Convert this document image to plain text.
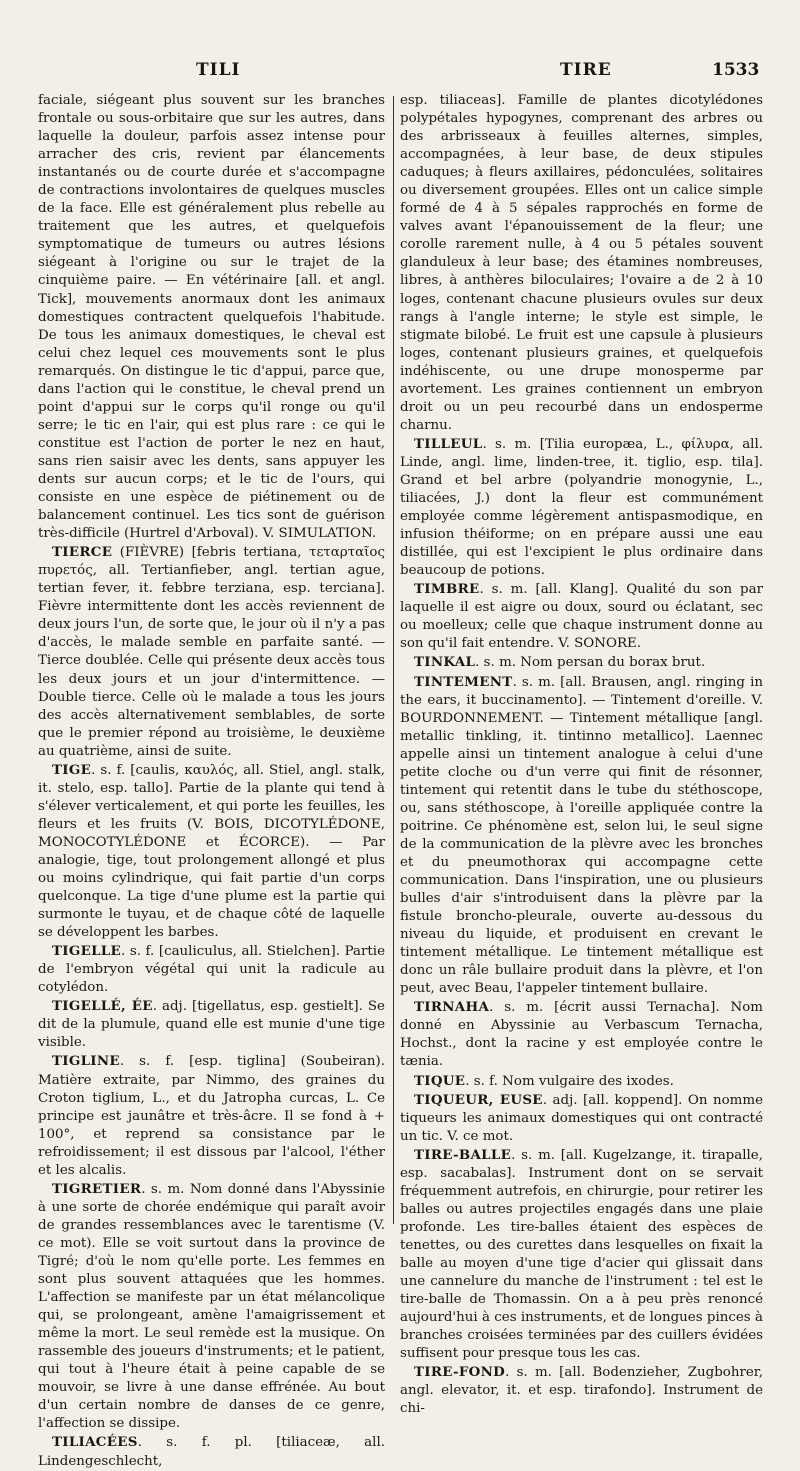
TILI	TIRE	1533

faciale, siégeant plus souvent sur les branches frontale ou sous-orbitaire que sur les autres, dans laquelle la douleur, parfois assez intense pour arracher des cris, revient par élancements instantanés ou de courte durée et s'accompagne de contractions involontaires de quelques muscles de la face. Elle est généralement plus rebelle au traitement que les autres, et quelquefois symptomatique de tumeurs ou autres lésions siégeant à l'origine ou sur le trajet de la cinquième paire. — En vétérinaire [all. et angl. Tick], mouvements anormaux dont les animaux domestiques contractent quelquefois l'habitude. De tous les animaux domestiques, le cheval est celui chez lequel ces mouvements sont le plus remarqués. On distingue le tic d'appui, parce que, dans l'action qui le constitue, le cheval prend un point d'appui sur le corps qu'il ronge ou qu'il serre; le tic en l'air, qui est plus rare : ce qui le constitue est l'action de porter le nez en haut, sans rien saisir avec les dents, sans appuyer les dents sur aucun corps; et le tic de l'ours, qui consiste en une espèce de piétinement ou de balancement continuel. Les tics sont de guérison très-difficile (Hurtrel d'Arboval). V. SIMULATION.

TIERCE (FIÈVRE) [febris tertiana, τεταρταῖος πυρετός, all. Tertianfieber, angl. tertian ague, tertian fever, it. febbre terziana, esp. terciana]. Fièvre intermittente dont les accès reviennent de deux jours l'un, de sorte que, le jour où il n'y a pas d'accès, le malade semble en parfaite santé. — Tierce doublée. Celle qui présente deux accès tous les deux jours et un jour d'intermittence. — Double tierce. Celle où le malade a tous les jours des accès alternativement semblables, de sorte que le premier répond au troisième, le deuxième au quatrième, ainsi de suite.

TIGE. s. f. [caulis, καυλός, all. Stiel, angl. stalk, it. stelo, esp. tallo]. Partie de la plante qui tend à s'élever verticalement, et qui porte les feuilles, les fleurs et les fruits (V. BOIS, DICOTYLÉDONE, MONOCOTYLÉDONE et ÉCORCE). — Par analogie, tige, tout prolongement allongé et plus ou moins cylindrique, qui fait partie d'un corps quelconque. La tige d'une plume est la partie qui surmonte le tuyau, et de chaque côté de laquelle se développent les barbes.

TIGELLE. s. f. [cauliculus, all. Stielchen]. Partie de l'embryon végétal qui unit la radicule au cotylédon.

TIGELLÉ, ÉE. adj. [tigellatus, esp. gestielt]. Se dit de la plumule, quand elle est munie d'une tige visible.

TIGLINE. s. f. [esp. tiglina] (Soubeiran). Matière extraite, par Nimmo, des graines du Croton tiglium, L., et du Jatropha curcas, L. Ce principe est jaunâtre et très-âcre. Il se fond à + 100°, et reprend sa consistance par le refroidissement; il est dissous par l'alcool, l'éther et les alcalis.

TIGRETIER. s. m. Nom donné dans l'Abyssinie à une sorte de chorée endémique qui paraît avoir de grandes ressemblances avec le tarentisme (V. ce mot). Elle se voit surtout dans la province de Tigré; d'où le nom qu'elle porte. Les femmes en sont plus souvent attaquées que les hommes. L'affection se manifeste par un état mélancolique qui, se prolongeant, amène l'amaigrissement et même la mort. Le seul remède est la musique. On rassemble des joueurs d'instruments; et le patient, qui tout à l'heure était à peine capable de se mouvoir, se livre à une danse effrénée. Au bout d'un certain nombre de danses de ce genre, l'affection se dissipe.

TILIACÉES. s. f. pl. [tiliaceæ, all. Lindengeschlecht,

esp. tiliaceas]. Famille de plantes dicotylédones polypétales hypogynes, comprenant des arbres ou des arbrisseaux à feuilles alternes, simples, accompagnées, à leur base, de deux stipules caduques; à fleurs axillaires, pédonculées, solitaires ou diversement groupées. Elles ont un calice simple formé de 4 à 5 sépales rapprochés en forme de valves avant l'épanouissement de la fleur; une corolle rarement nulle, à 4 ou 5 pétales souvent glanduleux à leur base; des étamines nombreuses, libres, à anthères biloculaires; l'ovaire a de 2 à 10 loges, contenant chacune plusieurs ovules sur deux rangs à l'angle interne; le style est simple, le stigmate bilobé. Le fruit est une capsule à plusieurs loges, contenant plusieurs graines, et quelquefois indéhiscente, ou une drupe monosperme par avortement. Les graines contiennent un embryon droit ou un peu recourbé dans un endosperme charnu.

TILLEUL. s. m. [Tilia europæa, L., φίλυρα, all. Linde, angl. lime, linden-tree, it. tiglio, esp. tila]. Grand et bel arbre (polyandrie monogynie, L., tiliacées, J.) dont la fleur est communément employée comme légèrement antispasmodique, en infusion théiforme; on en prépare aussi une eau distillée, qui est l'excipient le plus ordinaire dans beaucoup de potions.

TIMBRE. s. m. [all. Klang]. Qualité du son par laquelle il est aigre ou doux, sourd ou éclatant, sec ou moelleux; celle que chaque instrument donne au son qu'il fait entendre. V. SONORE.

TINKAL. s. m. Nom persan du borax brut.

TINTEMENT. s. m. [all. Brausen, angl. ringing in the ears, it buccinamento]. — Tintement d'oreille. V. BOURDONNEMENT. — Tintement métallique [angl. metallic tinkling, it. tintinno metallico]. Laennec appelle ainsi un tintement analogue à celui d'une petite cloche ou d'un verre qui finit de résonner, tintement qui retentit dans le tube du stéthoscope, ou, sans stéthoscope, à l'oreille appliquée contre la poitrine. Ce phénomène est, selon lui, le seul signe de la communication de la plèvre avec les bronches et du pneumothorax qui accompagne cette communication. Dans l'inspiration, une ou plusieurs bulles d'air s'introduisent dans la plèvre par la fistule broncho-pleurale, ouverte au-dessous du niveau du liquide, et produisent en crevant le tintement métallique. Le tintement métallique est donc un râle bullaire produit dans la plèvre, et l'on peut, avec Beau, l'appeler tintement bullaire.

TIRNAHA. s. m. [écrit aussi Ternacha]. Nom donné en Abyssinie au Verbascum Ternacha, Hochst., dont la racine y est employée contre le tænia.

TIQUE. s. f. Nom vulgaire des ixodes.

TIQUEUR, EUSE. adj. [all. koppend]. On nomme tiqueurs les animaux domestiques qui ont contracté un tic. V. ce mot.

TIRE-BALLE. s. m. [all. Kugelzange, it. tirapalle, esp. sacabalas]. Instrument dont on se servait fréquemment autrefois, en chirurgie, pour retirer les balles ou autres projectiles engagés dans une plaie profonde. Les tire-balles étaient des espèces de tenettes, ou des curettes dans lesquelles on fixait la balle au moyen d'une tige d'acier qui glissait dans une cannelure du manche de l'instrument : tel est le tire-balle de Thomassin. On a à peu près renoncé aujourd'hui à ces instruments, et de longues pinces à branches croisées terminées par des cuillers évidées suffisent pour presque tous les cas.

TIRE-FOND. s. m. [all. Bodenzieher, Zugbohrer, angl. elevator, it. et esp. tirafondo]. Instrument de chi-
